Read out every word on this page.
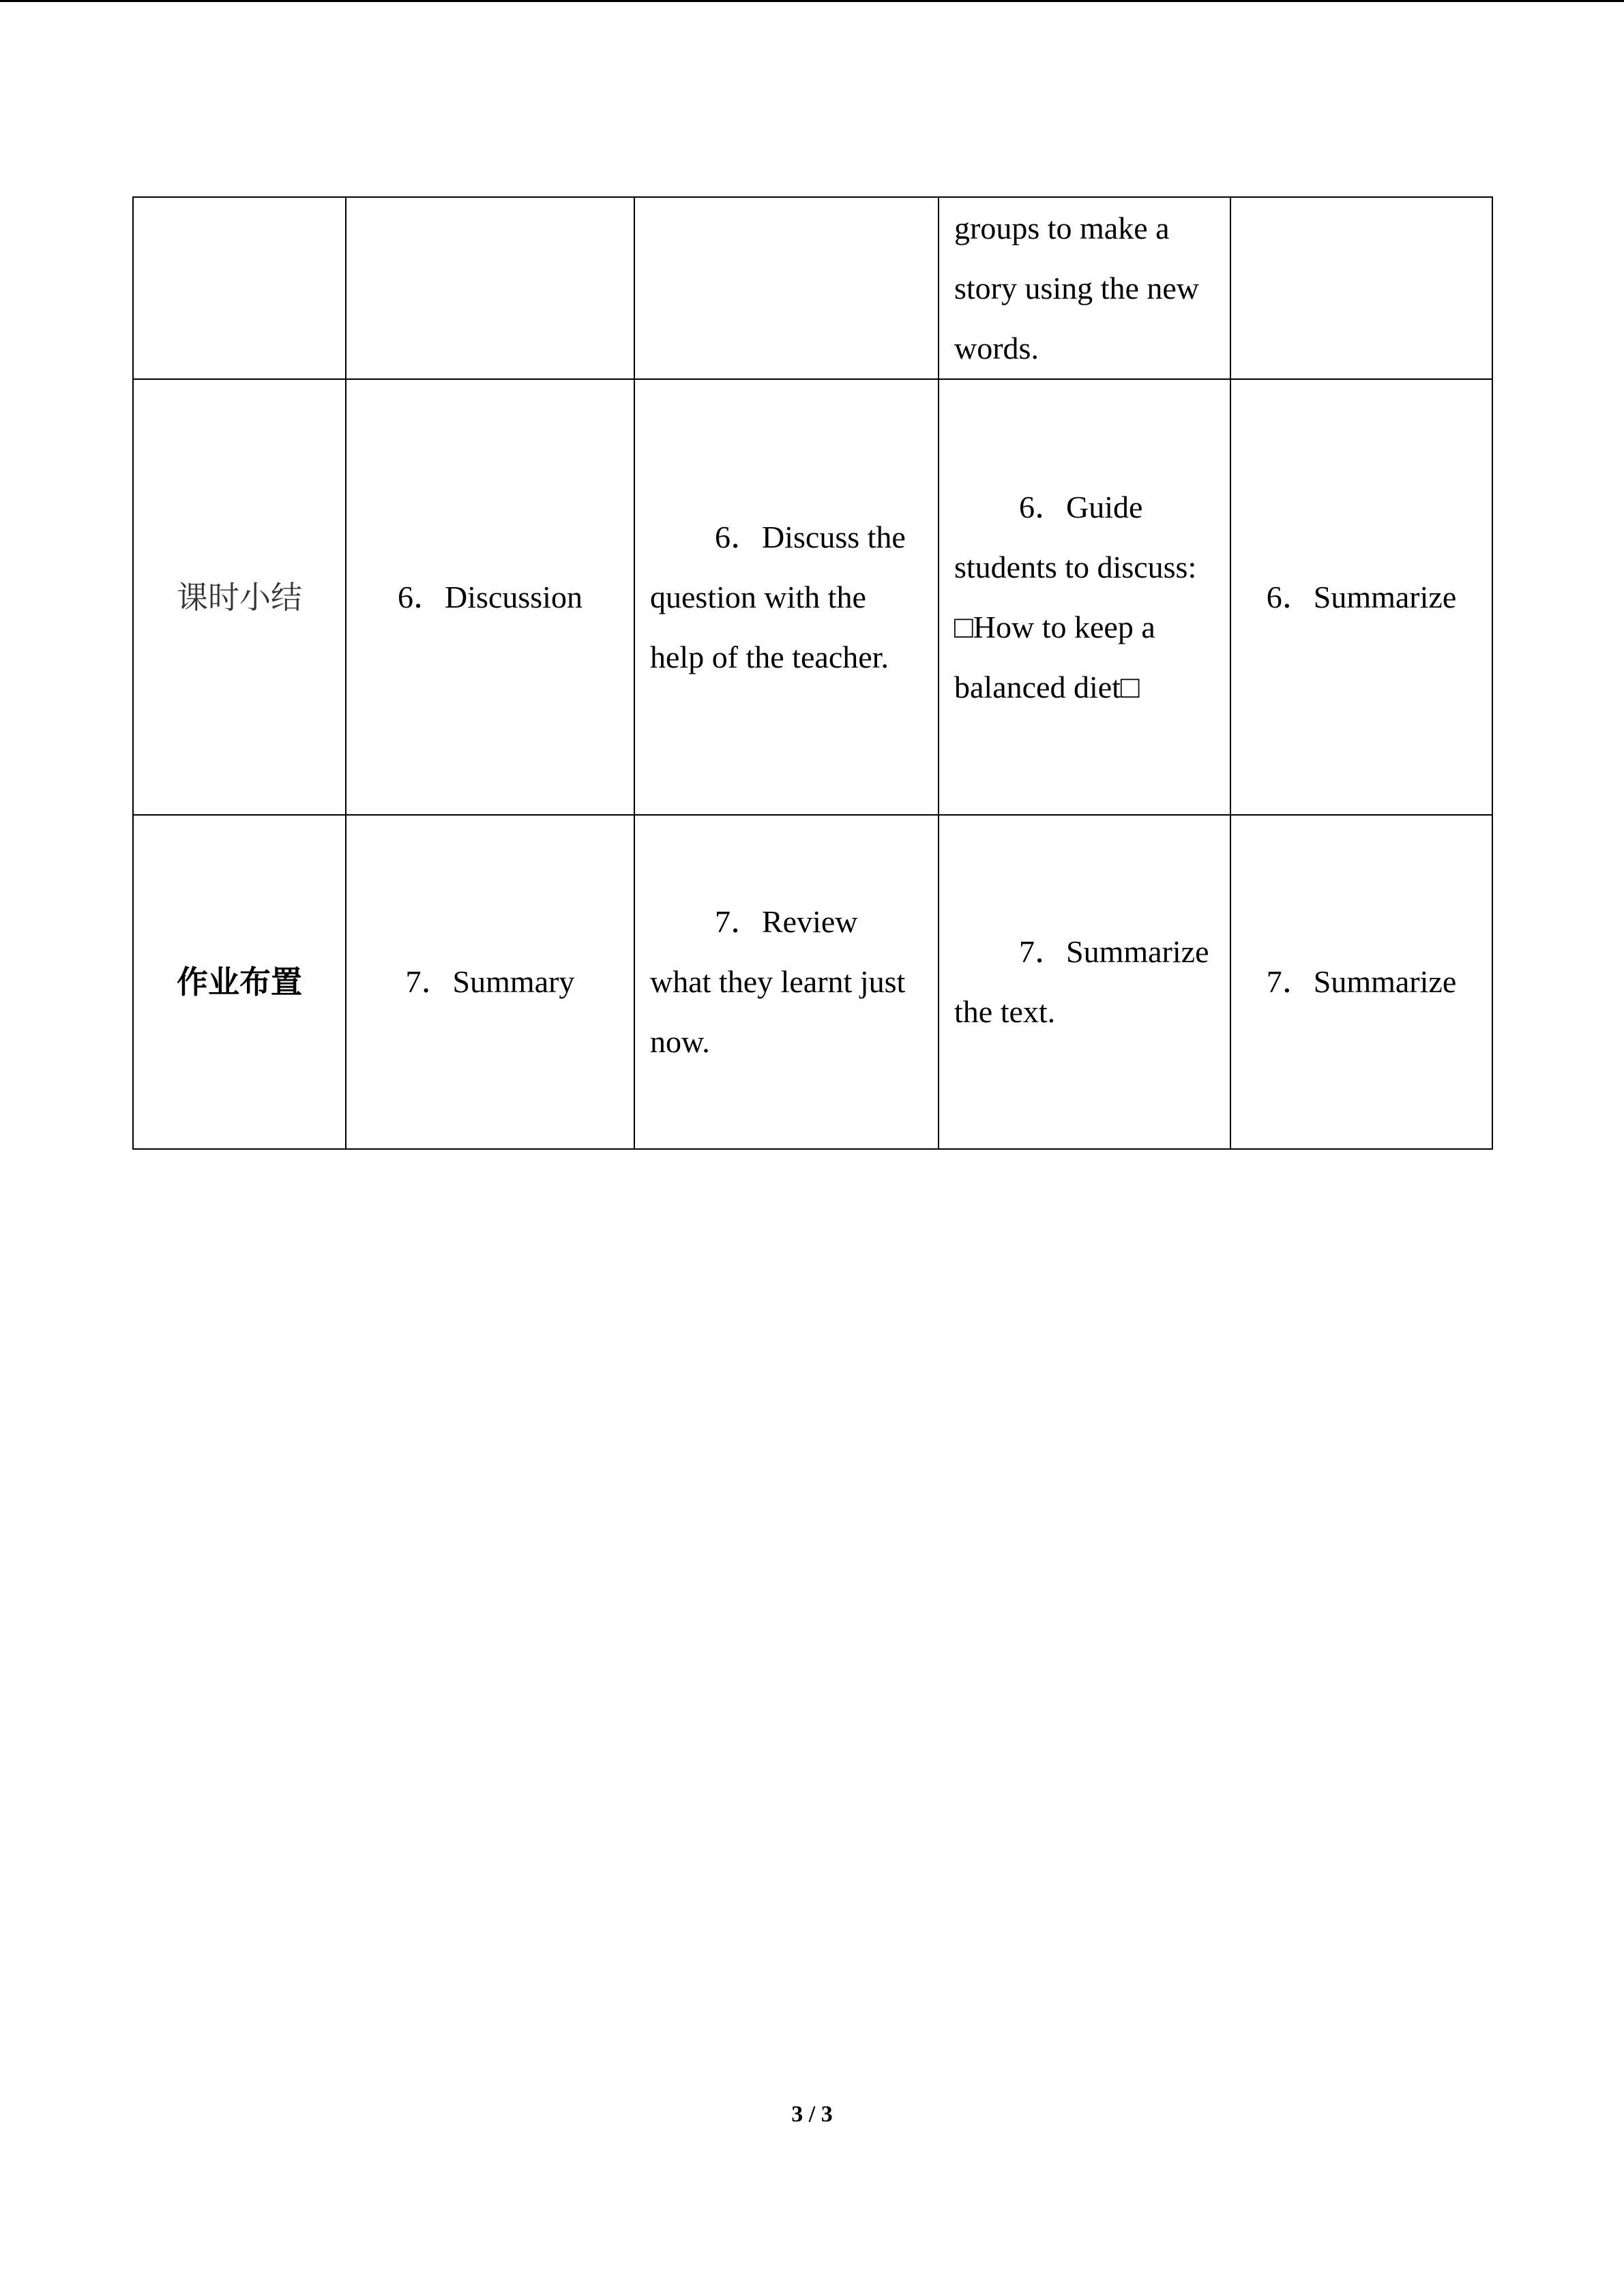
			groups to make a story using the new words.	
课时小结	6．Discussion	6．Discuss the question with the help of the teacher.	6．Guide students to discuss: □How to keep a balanced diet□	6．Summarize
作业布置	7．Summary	7．Review what they learnt just now.	7．Summarize the text.	7．Summarize
3 / 3
